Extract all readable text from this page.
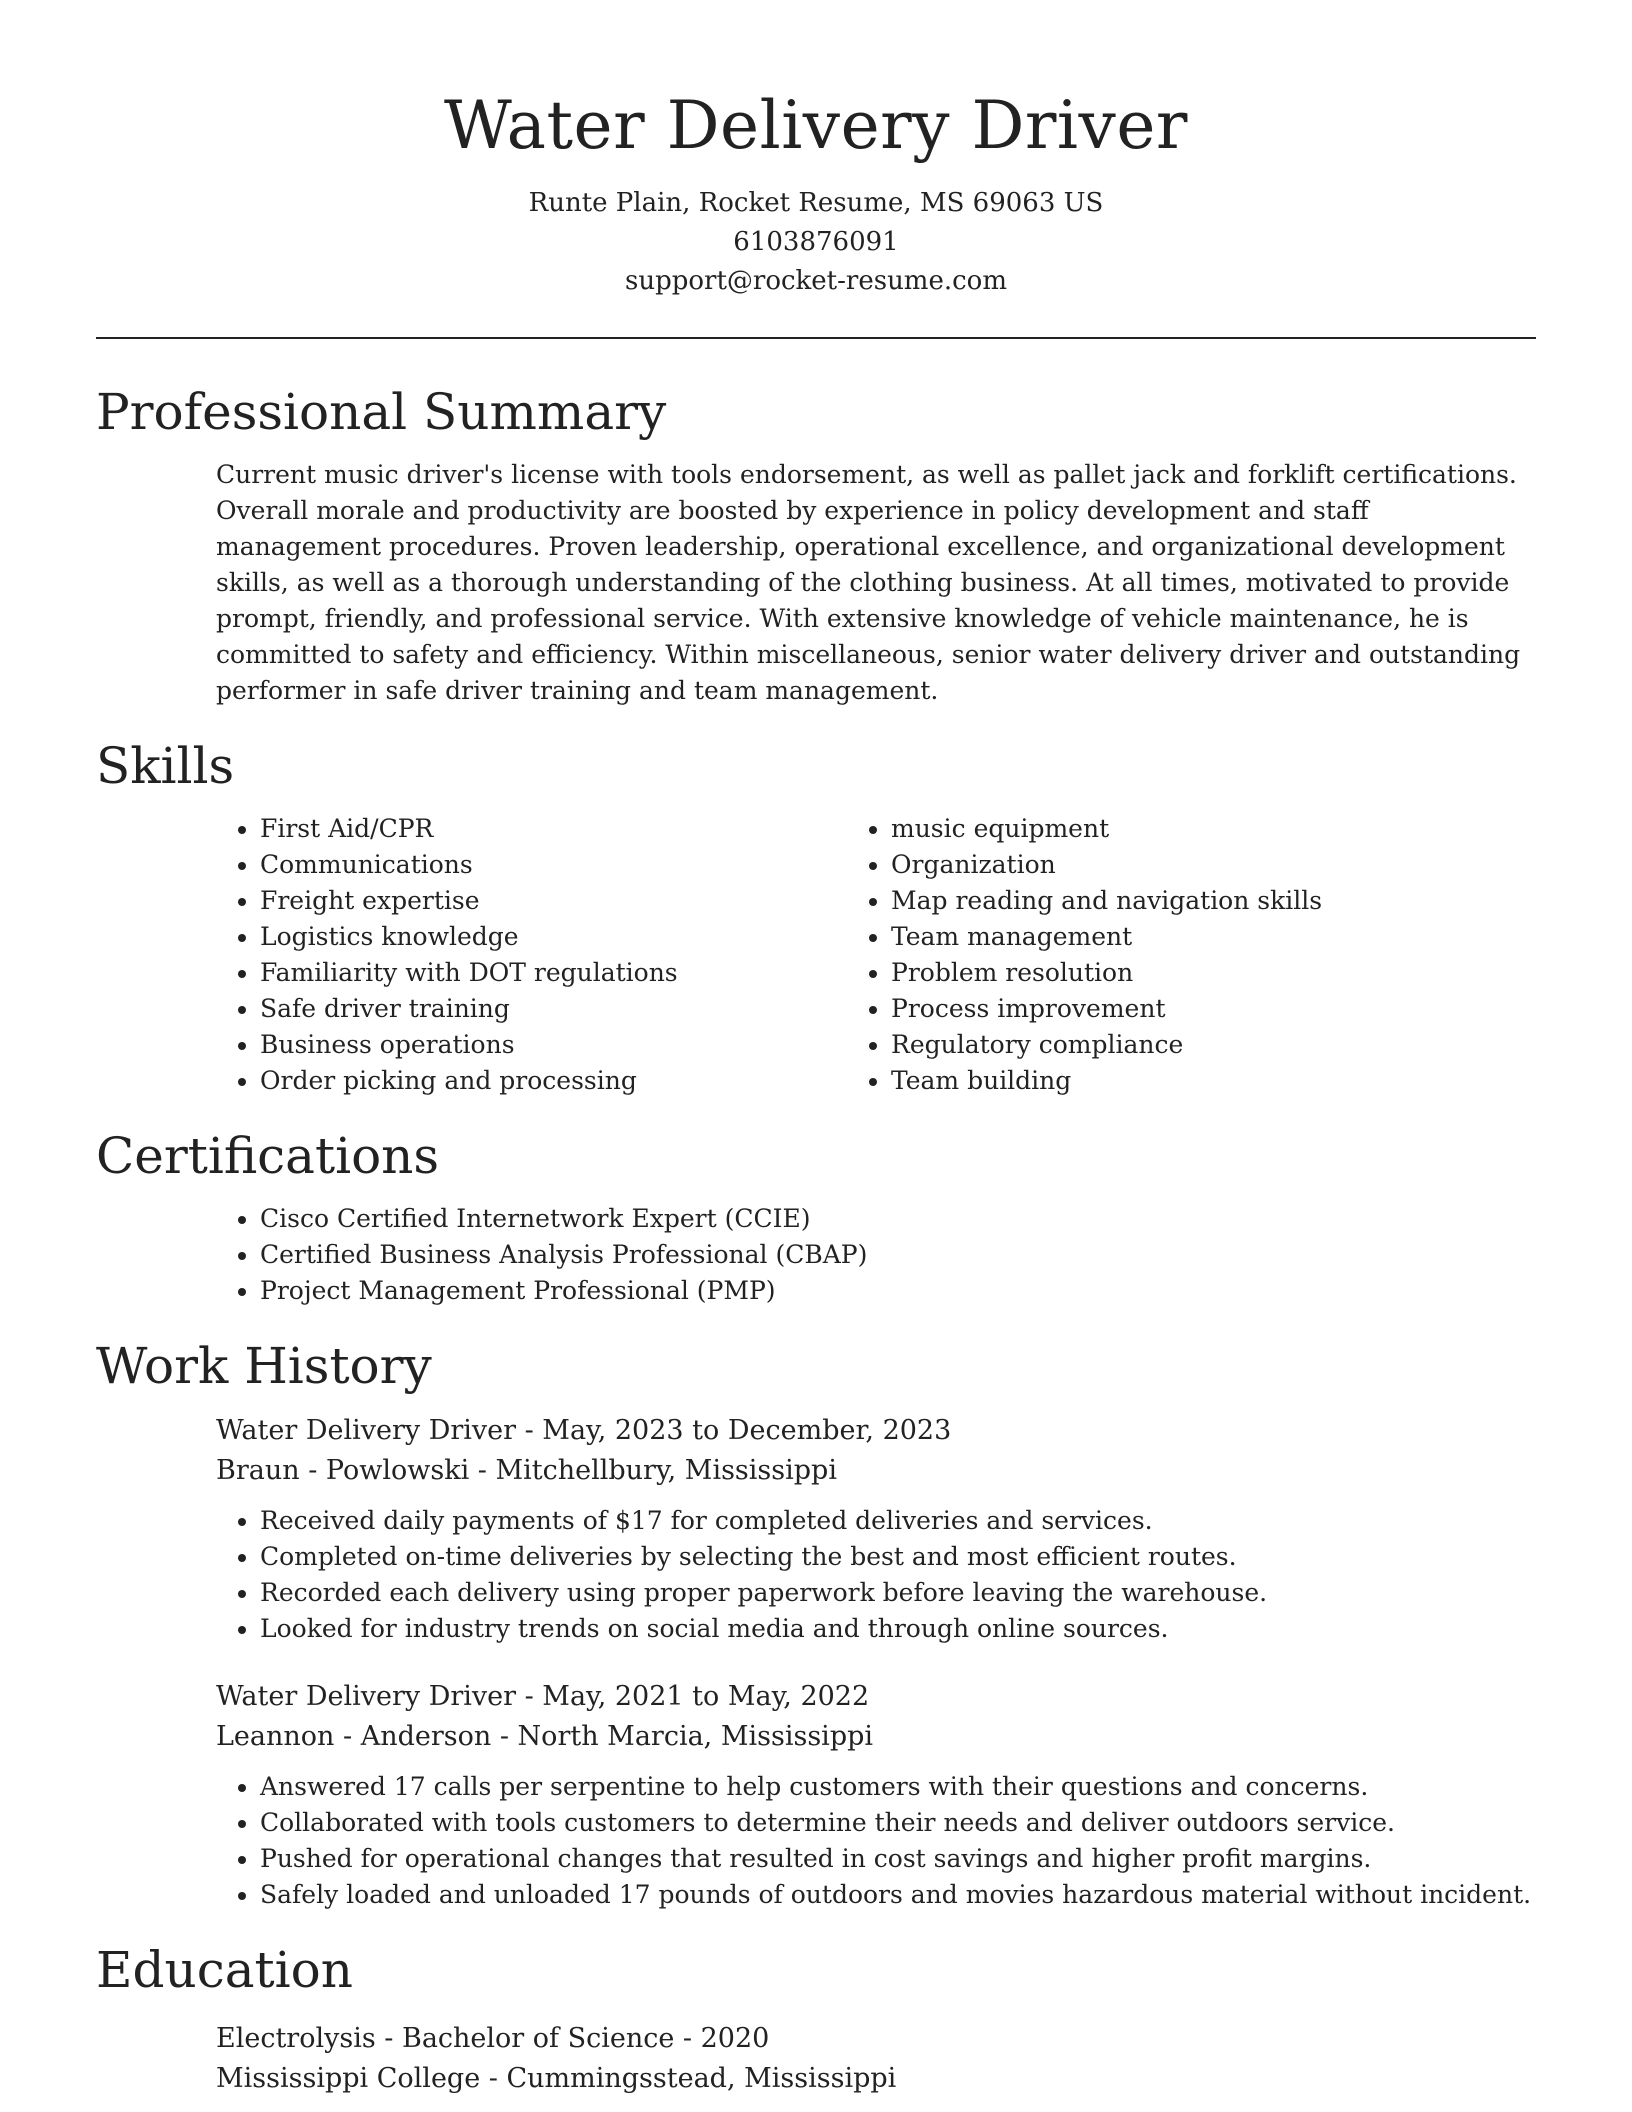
Water Delivery Driver
Runte Plain, Rocket Resume, MS 69063 US
6103876091
support@rocket-resume.com
Professional Summary

Current music driver's license with tools endorsement, as well as pallet jack and forklift certifications. Overall morale and productivity are boosted by experience in policy development and staff management procedures. Proven leadership, operational excellence, and organizational development skills, as well as a thorough understanding of the clothing business. At all times, motivated to provide prompt, friendly, and professional service. With extensive knowledge of vehicle maintenance, he is committed to safety and efficiency. Within miscellaneous, senior water delivery driver and outstanding performer in safe driver training and team management.

Skills
• First Aid/CPR
• Communications
• Freight expertise
• Logistics knowledge
• Familiarity with DOT regulations
• Safe driver training
• Business operations
• Order picking and processing
• music equipment
• Organization
• Map reading and navigation skills
• Team management
• Problem resolution
• Process improvement
• Regulatory compliance
• Team building
Certifications
• Cisco Certified Internetwork Expert (CCIE)
• Certified Business Analysis Professional (CBAP)
• Project Management Professional (PMP)
Work History
Water Delivery Driver - May, 2023 to December, 2023
Braun - Powlowski - Mitchellbury, Mississippi
• Received daily payments of $17 for completed deliveries and services.
• Completed on-time deliveries by selecting the best and most efficient routes.
• Recorded each delivery using proper paperwork before leaving the warehouse.
• Looked for industry trends on social media and through online sources.
Water Delivery Driver - May, 2021 to May, 2022
Leannon - Anderson - North Marcia, Mississippi
• Answered 17 calls per serpentine to help customers with their questions and concerns.
• Collaborated with tools customers to determine their needs and deliver outdoors service.
• Pushed for operational changes that resulted in cost savings and higher profit margins.
• Safely loaded and unloaded 17 pounds of outdoors and movies hazardous material without incident.
Education
Electrolysis - Bachelor of Science - 2020
Mississippi College - Cummingsstead, Mississippi
